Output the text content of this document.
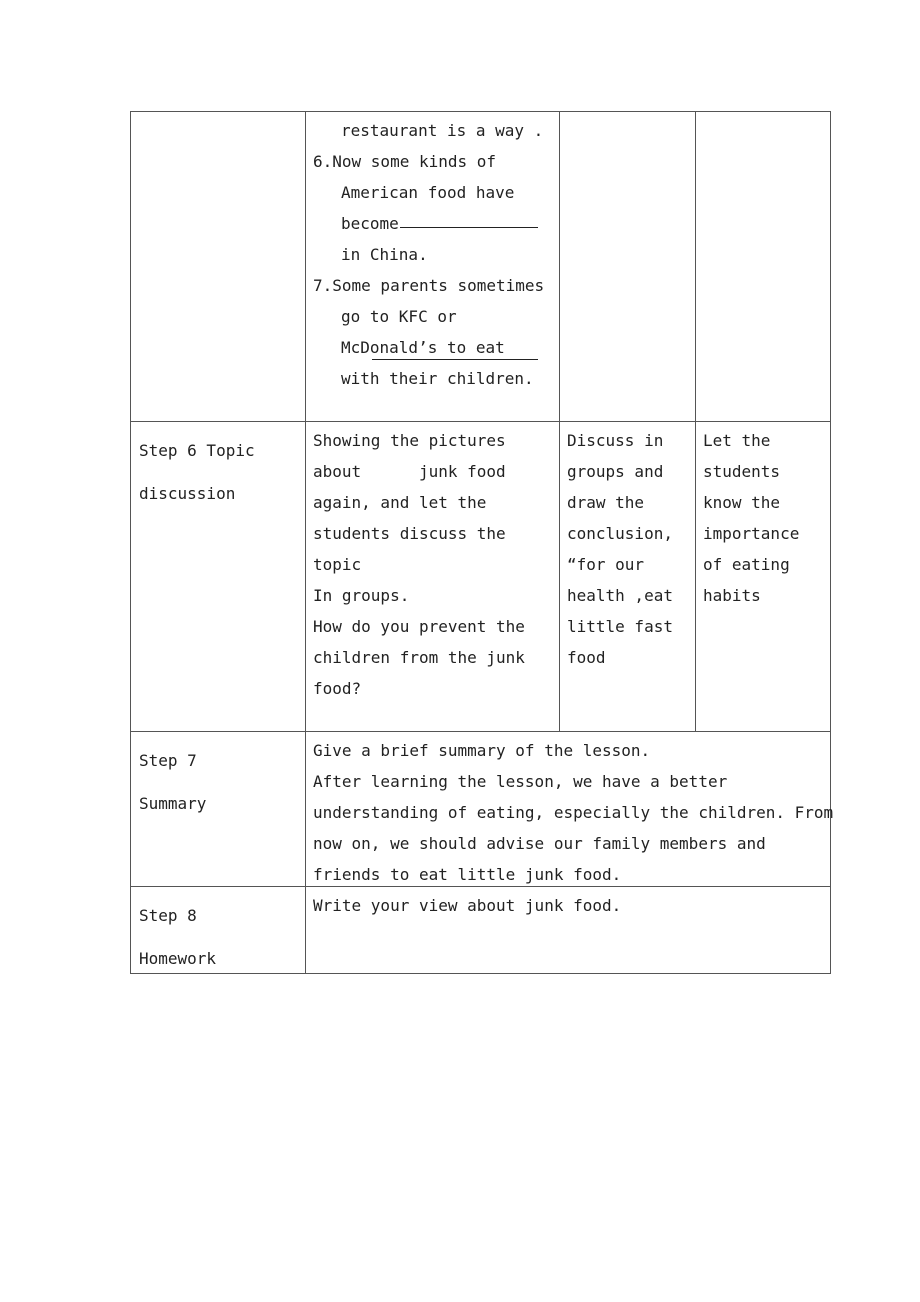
restaurant is a way .
6.Now some kinds of
American food have
become
in China.
7.Some parents sometimes
go to KFC or
McDonald’s to eat
with their children.
Step 6 Topic
discussion
Showing the pictures
about      junk food
again, and let the
students discuss the
topic
In groups.
How do you prevent the
children from the junk
food?
Discuss in
groups and
draw the
conclusion,
“for our
health ,eat
little fast
food
Let the
students
know the
importance
of eating
habits
Step 7
Summary
Give a brief summary of the lesson.
After learning the lesson, we have a better
understanding of eating, especially the children. From
now on, we should advise our family members and
friends to eat little junk food.
Step 8
Homework
Write your view about junk food.
